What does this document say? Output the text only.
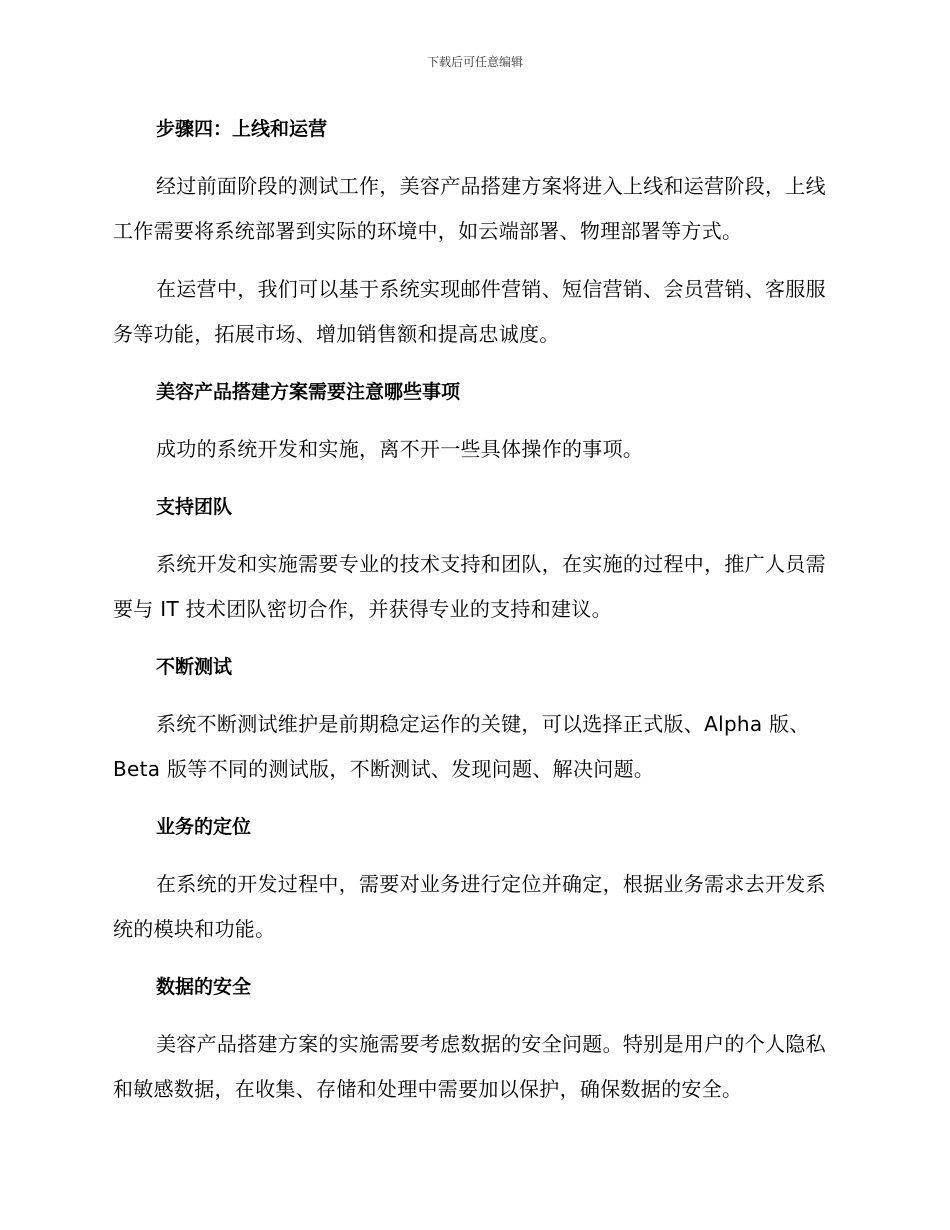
下载后可任意编辑
步骤四：上线和运营
经过前面阶段的测试工作，美容产品搭建方案将进入上线和运营阶段，上线工作需要将系统部署到实际的环境中，如云端部署、物理部署等方式。
在运营中，我们可以基于系统实现邮件营销、短信营销、会员营销、客服服务等功能，拓展市场、增加销售额和提高忠诚度。
美容产品搭建方案需要注意哪些事项
成功的系统开发和实施，离不开一些具体操作的事项。
支持团队
系统开发和实施需要专业的技术支持和团队，在实施的过程中，推广人员需要与 IT 技术团队密切合作，并获得专业的支持和建议。
不断测试
系统不断测试维护是前期稳定运作的关键，可以选择正式版、Alpha 版、Beta 版等不同的测试版，不断测试、发现问题、解决问题。
业务的定位
在系统的开发过程中，需要对业务进行定位并确定，根据业务需求去开发系统的模块和功能。
数据的安全
美容产品搭建方案的实施需要考虑数据的安全问题。特别是用户的个人隐私和敏感数据，在收集、存储和处理中需要加以保护，确保数据的安全。
